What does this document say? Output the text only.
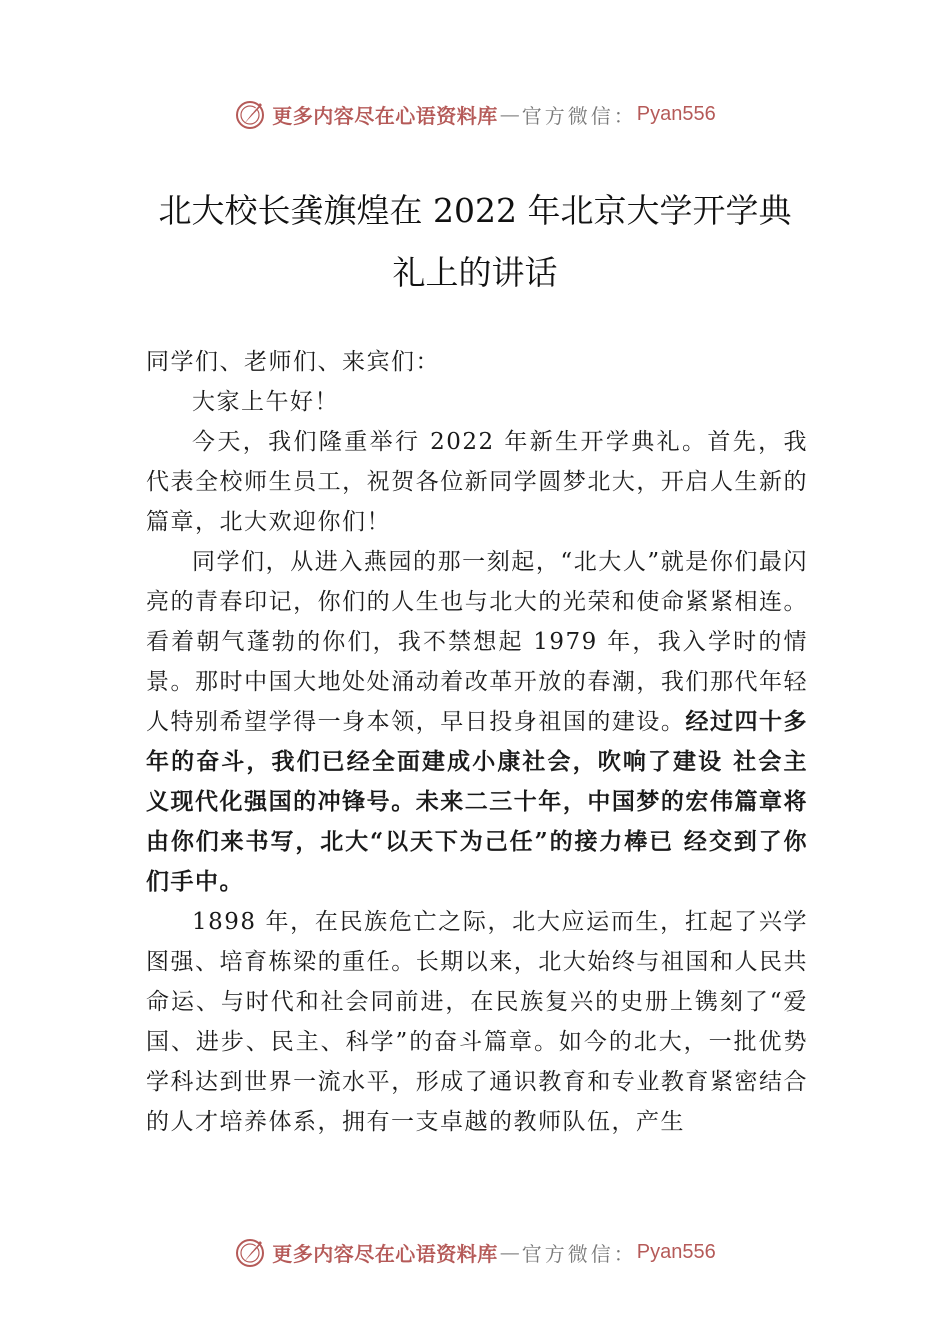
更多内容尽在心语资料库 — 官方微信： Pyan556
北大校长龚旗煌在 2022 年北京大学开学典
礼上的讲话

同学们、老师们、来宾们：

大家上午好！

今天，我们隆重举行 2022 年新生开学典礼。首先，我代表全校师生员工，祝贺各位新同学圆梦北大，开启人生新的篇章，北大欢迎你们！

同学们，从进入燕园的那一刻起，“北大人”就是你们最闪亮的青春印记，你们的人生也与北大的光荣和使命紧紧相连。看着朝气蓬勃的你们，我不禁想起 1979 年，我入学时的情景。那时中国大地处处涌动着改革开放的春潮，我们那代年轻人特别希望学得一身本领，早日投身祖国的建设。经过四十多年的奋斗，我们已经全面建成小康社会，吹响了建设 社会主义现代化强国的冲锋号。未来二三十年，中国梦的宏伟篇章将由你们来书写，北大“以天下为己任”的接力棒已 经交到了你们手中。

1898 年，在民族危亡之际，北大应运而生，扛起了兴学图强、培育栋梁的重任。长期以来，北大始终与祖国和人民共命运、与时代和社会同前进，在民族复兴的史册上镌刻了“爱国、进步、民主、科学”的奋斗篇章。如今的北大，一批优势学科达到世界一流水平，形成了通识教育和专业教育紧密结合的人才培养体系，拥有一支卓越的教师队伍，产生

更多内容尽在心语资料库 — 官方微信： Pyan556
